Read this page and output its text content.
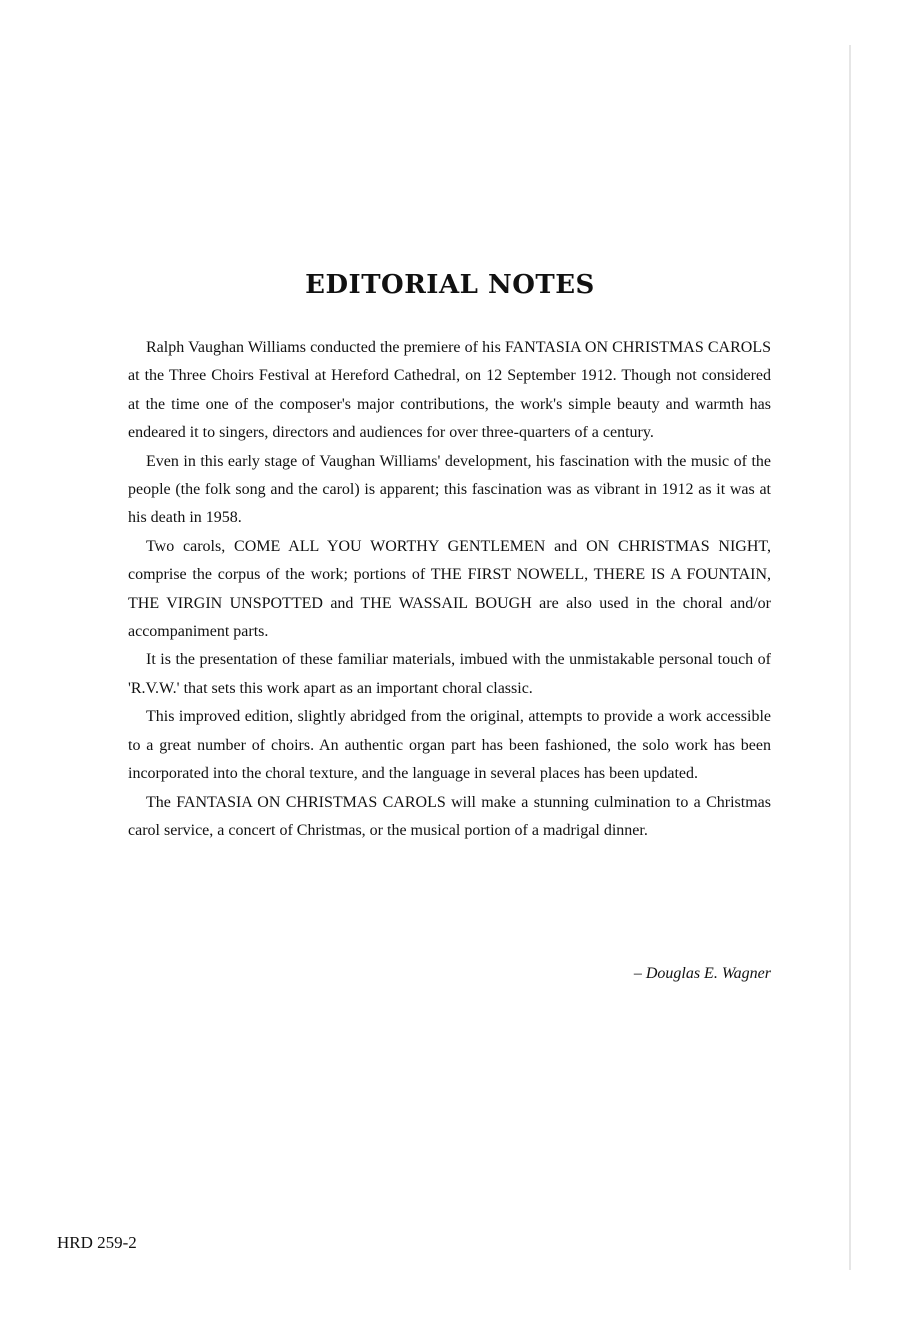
EDITORIAL NOTES

Ralph Vaughan Williams conducted the premiere of his FANTASIA ON CHRISTMAS CAROLS at the Three Choirs Festival at Hereford Cathedral, on 12 September 1912. Though not considered at the time one of the composer's major contributions, the work's simple beauty and warmth has endeared it to singers, directors and audiences for over three-quarters of a century.

Even in this early stage of Vaughan Williams' development, his fascination with the music of the people (the folk song and the carol) is apparent; this fascination was as vibrant in 1912 as it was at his death in 1958.

Two carols, COME ALL YOU WORTHY GENTLEMEN and ON CHRISTMAS NIGHT, comprise the corpus of the work; portions of THE FIRST NOWELL, THERE IS A FOUNTAIN, THE VIRGIN UNSPOTTED and THE WASSAIL BOUGH are also used in the choral and/or accompaniment parts.

It is the presentation of these familiar materials, imbued with the unmistakable personal touch of 'R.V.W.' that sets this work apart as an important choral classic.

This improved edition, slightly abridged from the original, attempts to provide a work accessible to a great number of choirs. An authentic organ part has been fashioned, the solo work has been incorporated into the choral texture, and the language in several places has been updated.

The FANTASIA ON CHRISTMAS CAROLS will make a stunning culmination to a Christmas carol service, a concert of Christmas, or the musical portion of a madrigal dinner.

– Douglas E. Wagner

HRD 259-2
